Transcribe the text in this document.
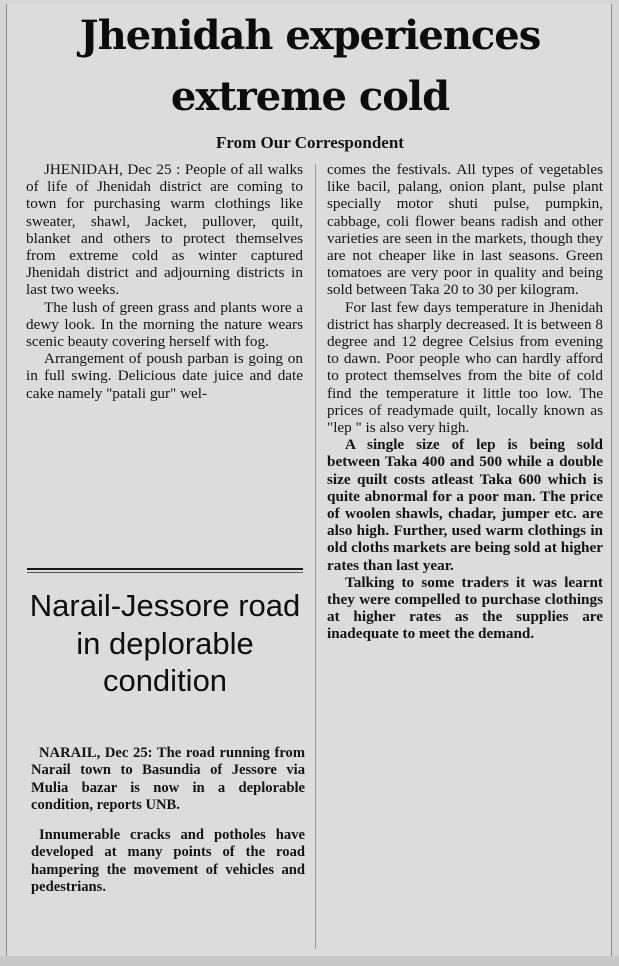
Jhenidah experiences
extreme cold
From Our Correspondent

JHENIDAH, Dec 25 : People of all walks of life of Jhenidah district are coming to town for purchasing warm clothings like sweater, shawl, Jacket, pullover, quilt, blanket and others to protect themselves from extreme cold as winter captured Jhenidah district and adjourning districts in last two weeks.

The lush of green grass and plants wore a dewy look. In the morning the nature wears scenic beauty covering herself with fog.

Arrangement of poush parban is going on in full swing. Delicious date juice and date cake namely "patali gur" wel-

comes the festivals. All types of vegetables like bacil, palang, onion plant, pulse plant specially motor shuti pulse, pumpkin, cabbage, coli flower beans radish and other varieties are seen in the markets, though they are not cheaper like in last seasons. Green tomatoes are very poor in quality and being sold between Taka 20 to 30 per kilogram.

For last few days temperature in Jhenidah district has sharply decreased. It is between 8 degree and 12 degree Celsius from evening to dawn. Poor people who can hardly afford to protect themselves from the bite of cold find the temperature it little too low. The prices of readymade quilt, locally known as "lep " is also very high.

A single size of lep is being sold between Taka 400 and 500 while a double size quilt costs atleast Taka 600 which is quite abnormal for a poor man. The price of woolen shawls, chadar, jumper etc. are also high. Further, used warm clothings in old cloths markets are being sold at higher rates than last year.

Talking to some traders it was learnt they were compelled to purchase clothings at higher rates as the supplies are inadequate to meet the demand.

Narail-Jessore road in deplorable condition

NARAIL, Dec 25: The road running from Narail town to Basundia of Jessore via Mulia bazar is now in a deplorable condition, reports UNB.

Innumerable cracks and potholes have developed at many points of the road hampering the movement of vehicles and pedestrians.
